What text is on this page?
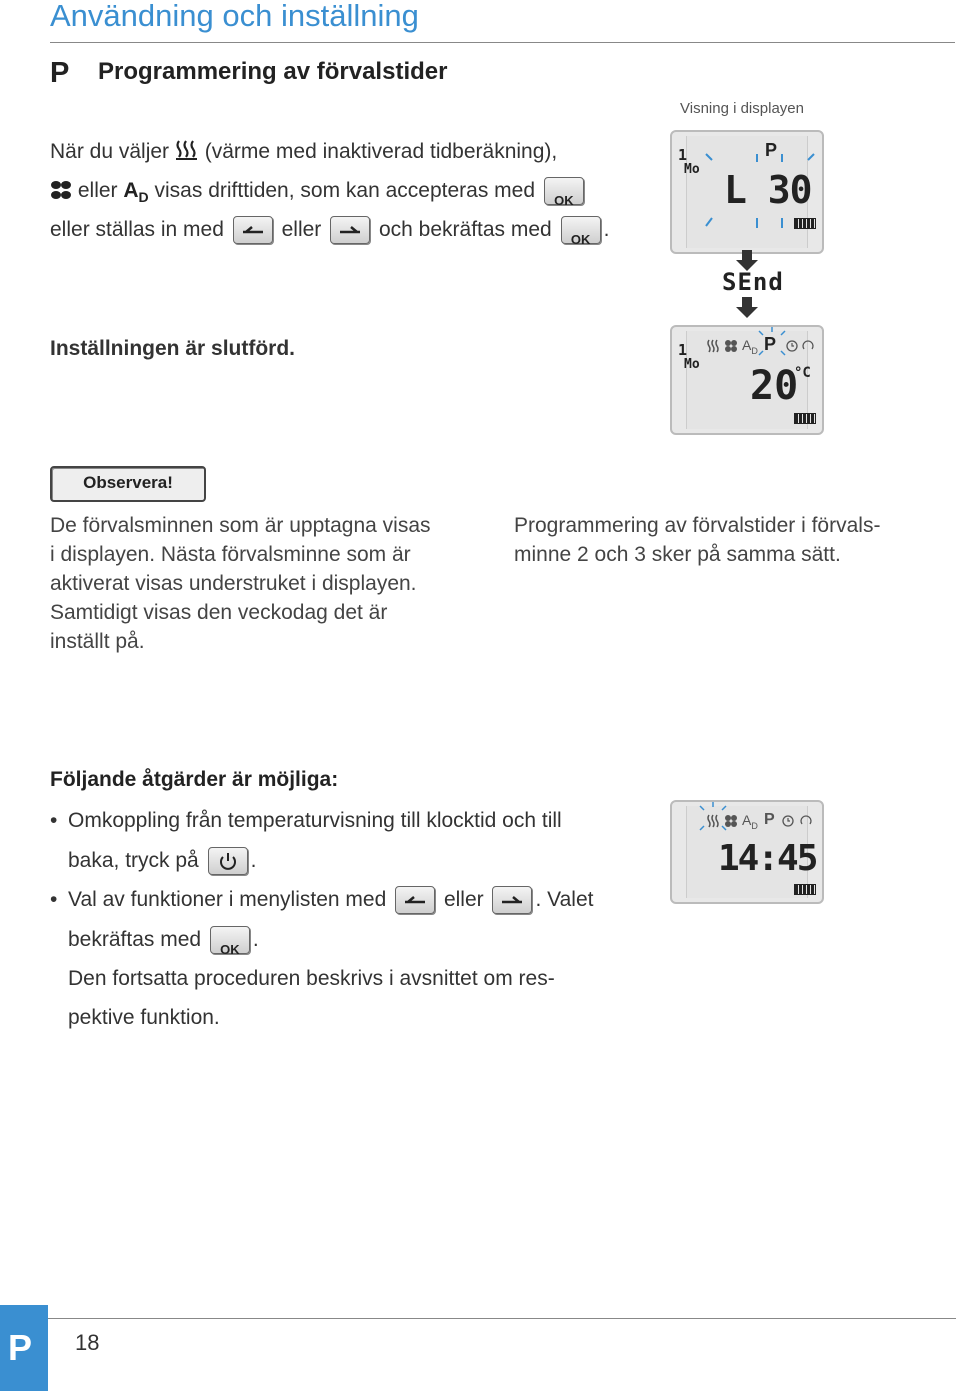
Användning och inställning
P Programmering av förvalstider
Visning i displayen
När du väljer (värme med inaktiverad tidberäkning),
eller $A_D$ visas drifttiden, som kan accepteras med	OK
eller ställas in med	eller	och bekräftas med	OK .
1
Mo
P
L 30
SEnd
Inställningen är slutförd.	1
Mo
$A_D$ P
20
°C
Observera!
De förvalsminnen som är upptagna visas
i displayen. Nästa förvalsminne som är
aktiverat visas understruket i displayen.
Samtidigt visas den veckodag det är
inställt på.
Programmering av förvalstider i förvals-
minne 2 och 3 sker på samma sätt.
Följande åtgärder är möjliga:
• Omkoppling från temperaturvisning till klocktid och till
baka, tryck på .
• Val av funktioner i menylisten med	eller . Valet
bekräftas med	OK .
Den fortsatta proceduren beskrivs i avsnittet om res-
pektive funktion.
$A_D$ P
14:45
P 18
